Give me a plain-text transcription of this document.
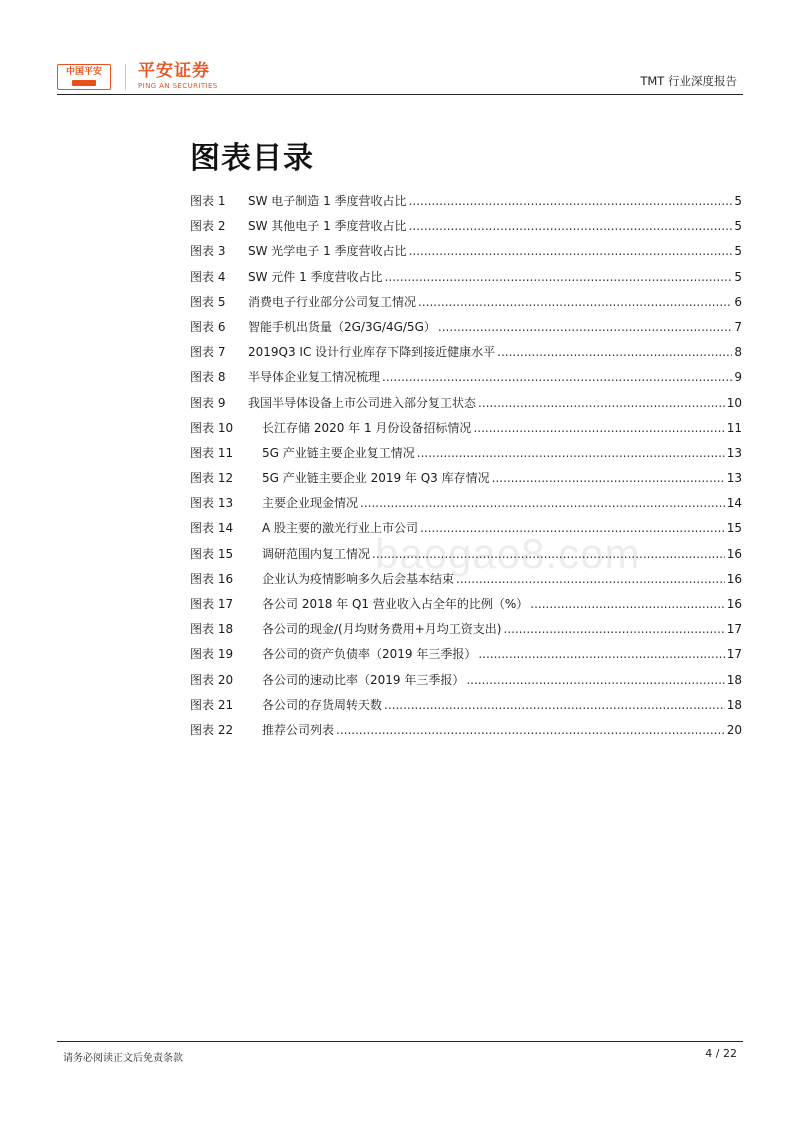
中国平安 平安证券
PING AN SECURITIES	TMT 行业深度报告
图表目录
图表 1	SW 电子制造 1 季度营收占比 .....	5
图表 2	SW 其他电子 1 季度营收占比 .....	5
图表 3	SW 光学电子 1 季度营收占比 .....	5
图表 4	SW 元件 1 季度营收占比 .....	5
图表 5	消费电子行业部分公司复工情况 .....	6
图表 6	智能手机出货量（2G/3G/4G/5G） .....	7
图表 7	2019Q3 IC 设计行业库存下降到接近健康水平 .....	8
图表 8	半导体企业复工情况梳理 .....	9
图表 9	我国半导体设备上市公司进入部分复工状态 .....	10
图表 10	长江存储 2020 年 1 月份设备招标情况 .....	11
图表 11	5G 产业链主要企业复工情况 .....	13
图表 12	5G 产业链主要企业 2019 年 Q3 库存情况 .....	13
图表 13	主要企业现金情况 .....	14
图表 14	A 股主要的激光行业上市公司 .....	15
图表 15	调研范围内复工情况 .....	16
图表 16	企业认为疫情影响多久后会基本结束 .....	16
图表 17	各公司 2018 年 Q1 营业收入占全年的比例（%） .....	16
图表 18	各公司的现金/(月均财务费用+月均工资支出) .....	17
图表 19	各公司的资产负债率（2019 年三季报） .....	17
图表 20	各公司的速动比率（2019 年三季报） .....	18
图表 21	各公司的存货周转天数 .....	18
图表 22	推荐公司列表 .....	20
baogao8.com
请务必阅读正文后免责条款	4 / 22
